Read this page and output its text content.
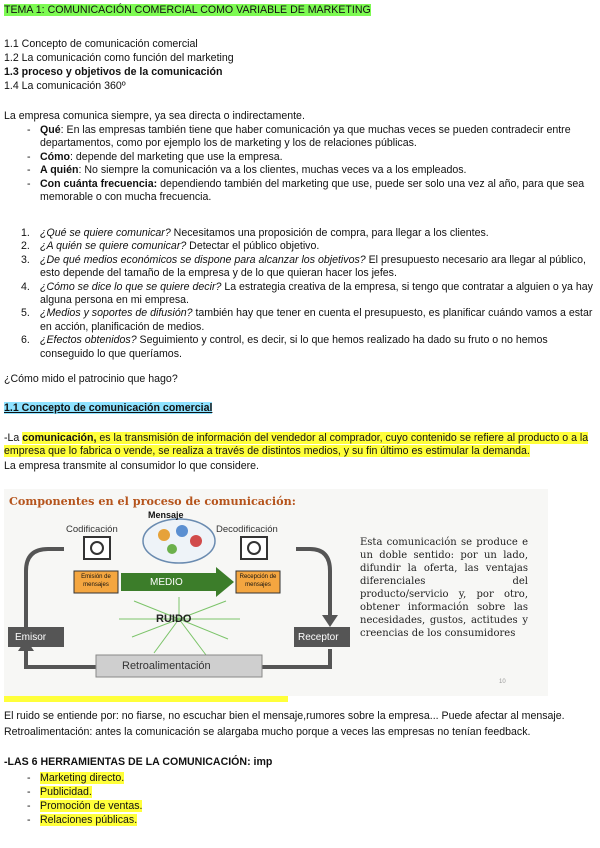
TEMA 1: COMUNICACIÓN COMERCIAL COMO VARIABLE DE MARKETING
1.1 Concepto de comunicación comercial
1.2 La comunicación como función del marketing
1.3 proceso y objetivos de la comunicación
1.4 La comunicación 360º
La empresa comunica siempre, ya sea directa o indirectamente.
- Qué: En las empresas también tiene que haber comunicación ya que muchas veces se pueden contradecir entre departamentos, como por ejemplo los de marketing y los de relaciones públicas.
- Cómo: depende del marketing que use la empresa.
- A quién: No siempre la comunicación va a los clientes, muchas veces va a los empleados.
- Con cuánta frecuencia: dependiendo también del marketing que use, puede ser solo una vez al año, para que sea memorable o con mucha frecuencia.
1. ¿Qué se quiere comunicar? Necesitamos una proposición de compra, para llegar a los clientes.
2. ¿A quién se quiere comunicar? Detectar el público objetivo.
3. ¿De qué medios económicos se dispone para alcanzar los objetivos? El presupuesto necesario ara llegar al público, esto depende del tamaño de la empresa y de lo que quieran hacer los jefes.
4. ¿Cómo se dice lo que se quiere decir? La estrategia creativa de la empresa, si tengo que contratar a alguien o ya hay alguna persona en mi empresa.
5. ¿Medios y soportes de difusión? también hay que tener en cuenta el presupuesto, es planificar cuándo vamos a estar en acción, planificación de medios.
6. ¿Efectos obtenidos? Seguimiento y control, es decir, si lo que hemos realizado ha dado su fruto o no hemos conseguido lo que queríamos.
¿Cómo mido el patrocinio que hago?
1.1 Concepto de comunicación comercial
-La comunicación, es la transmisión de información del vendedor al comprador, cuyo contenido se refiere al producto o a la empresa que lo fabrica o vende, se realiza a través de distintos medios, y su fin último es estimular la demanda.
La empresa transmite al consumidor lo que considere.
Componentes en el proceso de comunicación:
Mensaje
Codificación	Decodificación
Emisión de mensajes
Recepción de mensajes
MEDIO
RUIDO
Emisor	Receptor
Retroalimentación
Esta comunicación se produce e un doble sentido: por un lado, difundir la oferta, las ventajas diferenciales del producto/servicio y, por otro, obtener información sobre las necesidades, gustos, actitudes y creencias de los consumidores
10
El ruido se entiende por: no fiarse, no escuchar bien el mensaje,rumores sobre la empresa... Puede afectar al mensaje.
Retroalimentación: antes la comunicación se alargaba mucho porque a veces las empresas no tenían feedback.
-LAS 6 HERRAMIENTAS DE LA COMUNICACIÓN: imp
- Marketing directo.
- Publicidad.
- Promoción de ventas.
- Relaciones públicas.
